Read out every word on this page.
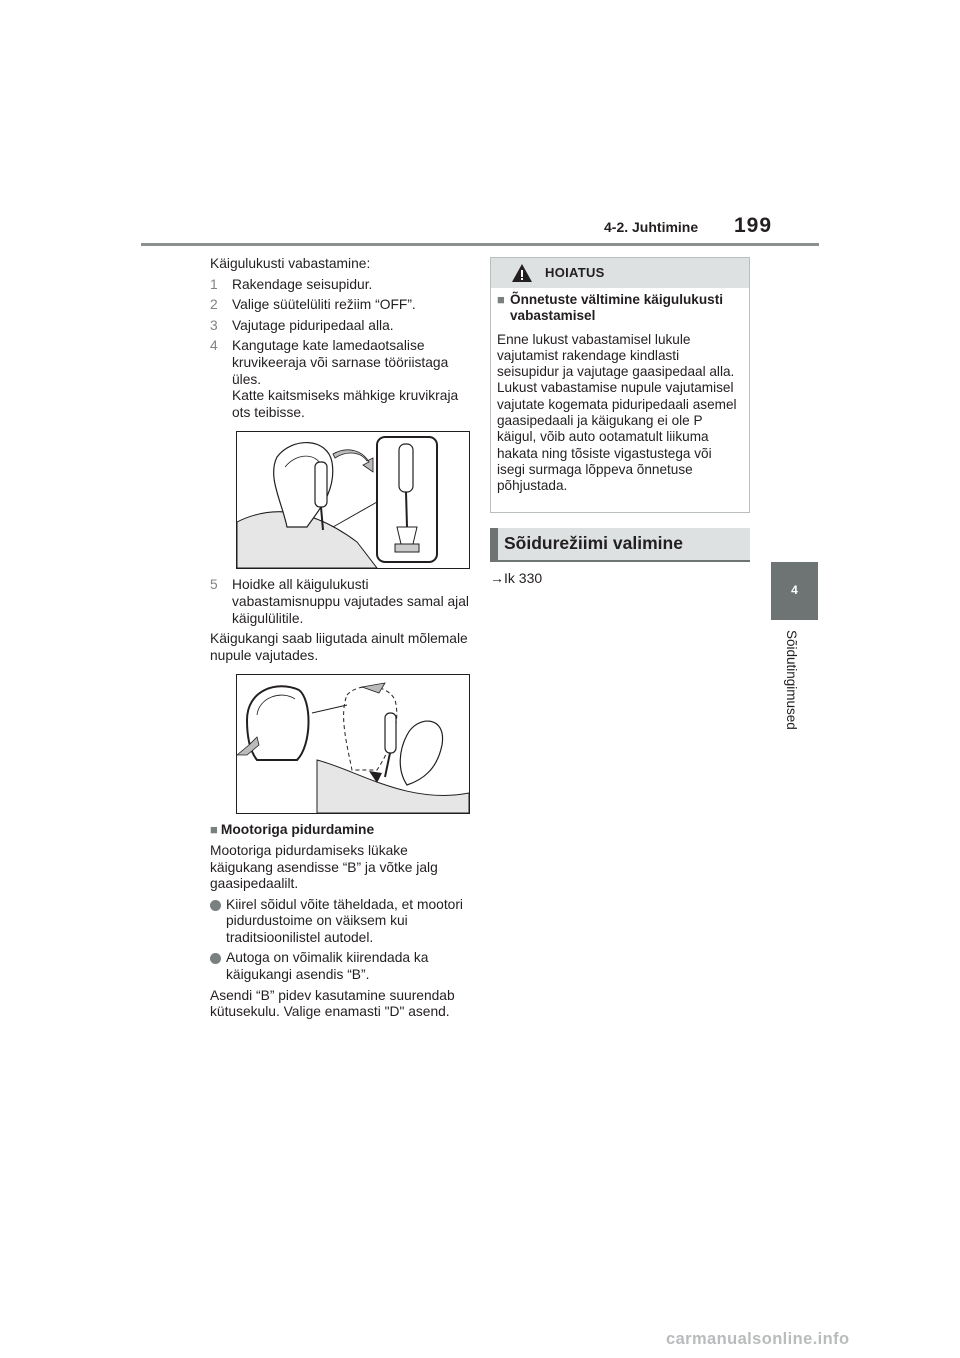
4-2. Juhtimine 199
4
Sõidutingimused
Käigulukusti vabastamine:
1 Rakendage seisupidur.
2 Valige süütelüliti režiim “OFF”.
3 Vajutage piduripedaal alla.
4 Kangutage kate lamedaotsalise kruvikeeraja või sarnase tööriistaga üles.
Katte kaitsmiseks mähkige kruvikraja ots teibisse.
5 Hoidke all käigulukusti vabastamisnuppu vajutades samal ajal käigulülitile.
Käigukangi saab liigutada ainult mõlemale nupule vajutades.
■ Mootoriga pidurdamine
Mootoriga pidurdamiseks lükake käigukang asendisse “B” ja võtke jalg gaasipedaalilt.
Kiirel sõidul võite täheldada, et mootori pidurdustoime on väiksem kui traditsioonilistel autodel.
Autoga on võimalik kiirendada ka käigukangi asendis “B”.
Asendi “B” pidev kasutamine suurendab kütusekulu. Valige enamasti "D" asend.
HOIATUS
■ Õnnetuste vältimine käigulukusti vabastamisel
Enne lukust vabastamisel lukule vajutamist rakendage kindlasti seisupidur ja vajutage gaasipedaal alla.
Lukust vabastamise nupule vajutamisel vajutate kogemata piduripedaali asemel gaasipedaali ja käigukang ei ole P käigul, võib auto ootamatult liikuma hakata ning tõsiste vigastustega või isegi surmaga lõppeva õnnetuse põhjustada.
Sõidurežiimi valimine
→Ik 330
carmanualsonline.info
